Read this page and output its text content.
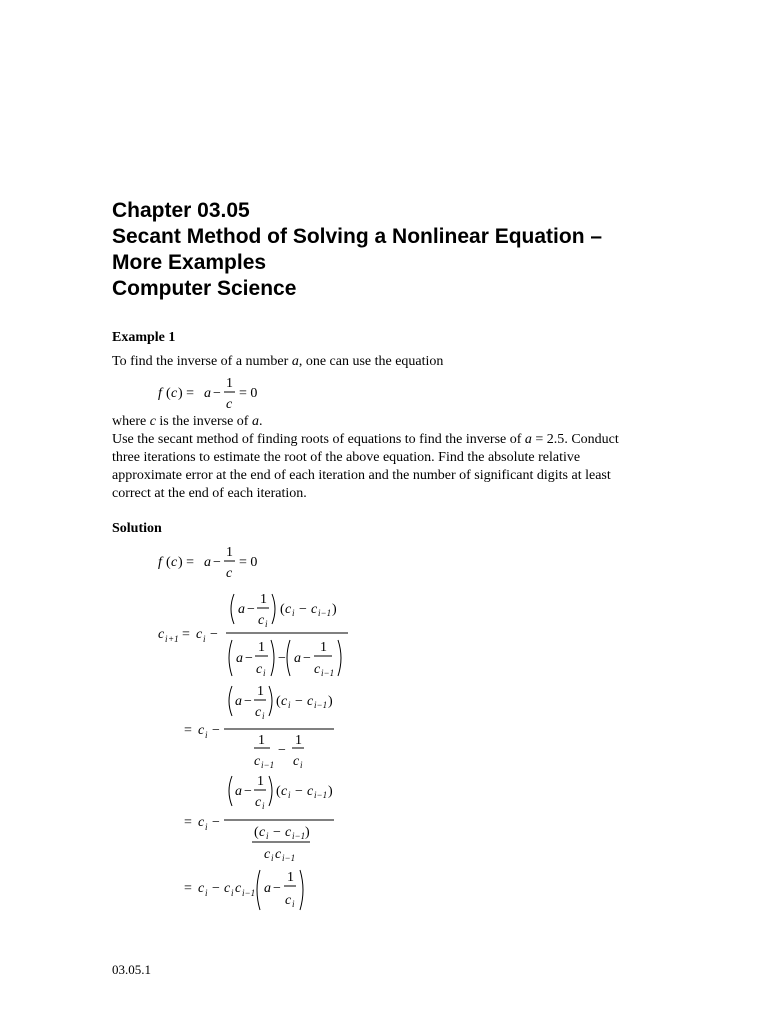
Chapter 03.05
Secant Method of Solving a Nonlinear Equation –
More Examples
Computer Science
Example 1
To find the inverse of a number a, one can use the equation
f ( c ) = a −
1
c
= 0
where c is the inverse of a.
Use the secant method of finding roots of equations to find the inverse of a = 2.5. Conduct
three iterations to estimate the root of the above equation. Find the absolute relative
approximate error at the end of each iteration and the number of significant digits at least
correct at the end of each iteration.
Solution
f ( c ) = a −
1
c
= 0
c i +1 = c i −
a −
1
c i
( c i − c i−1 )
a −
1
c i
− a −
1
c i−1
= c i −
a −
1
c i
( c i − c i−1 )
1
c i−1
−
1
c i
= c i −
a −
1
c i
( c i − c i−1 )
( c i − c i−1 )
c i c i−1
= c i − c i c i−1 a −
1
c i
03.05.1
